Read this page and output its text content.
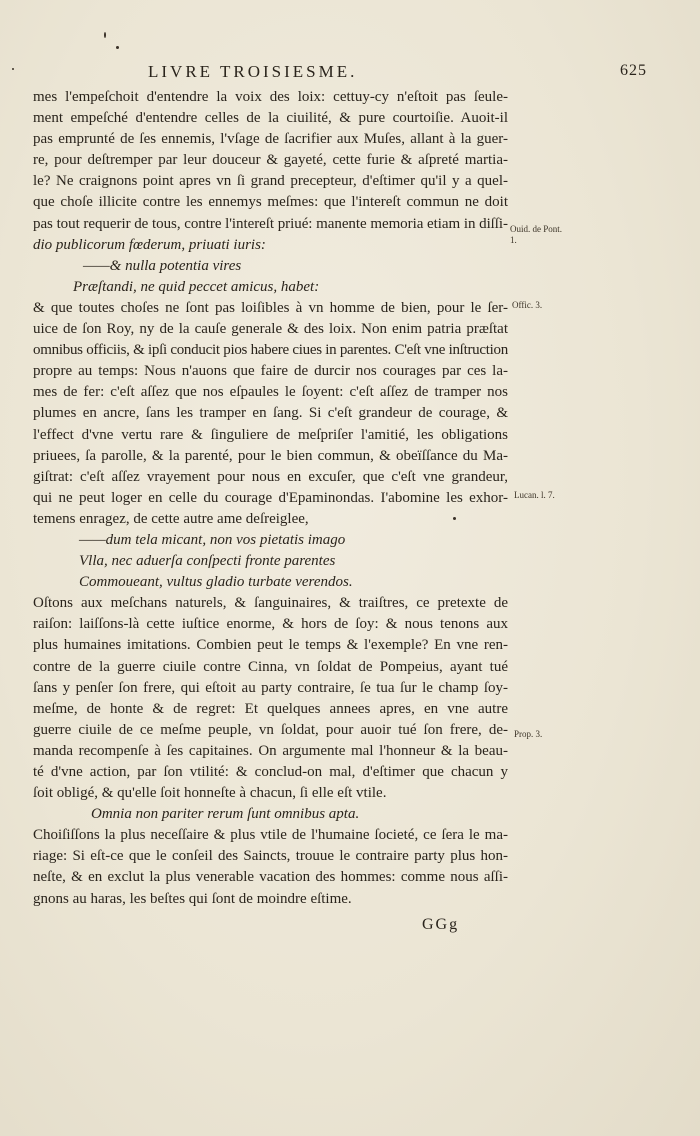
LIVRE TROISIESME.	625
mes l'empeſchoit d'entendre la voix des loix: cettuy-cy n'eſtoit pas ſeule-
ment empeſché d'entendre celles de la ciuilité, & pure courtoiſie. Auoit-il
pas emprunté de ſes ennemis, l'vſage de ſacrifier aux Muſes, allant à la guer-
re, pour deſtremper par leur douceur & gayeté, cette furie & aſpreté martia-
le? Ne craignons point apres vn ſi grand precepteur, d'eſtimer qu'il y a quel-
que choſe illicite contre les ennemys meſmes: que l'intereſt commun ne doit
pas tout requerir de tous, contre l'intereſt priué: manente memoria etiam in diſſi-
dio publicorum fœderum, priuati iuris:
——& nulla potentia vires
Præſtandi, ne quid peccet amicus, habet:
& que toutes choſes ne ſont pas loiſibles à vn homme de bien, pour le ſer-
uice de ſon Roy, ny de la cauſe generale & des loix. Non enim patria præſtat
omnibus officiis, & ipſi conducit pios habere ciues in parentes. C'eſt vne inſtruction
propre au temps: Nous n'auons que faire de durcir nos courages par ces la-
mes de fer: c'eſt aſſez que nos eſpaules le ſoyent: c'eſt aſſez de tramper nos
plumes en ancre, ſans les tramper en ſang. Si c'eſt grandeur de courage, &
l'effect d'vne vertu rare & ſinguliere de meſpriſer l'amitié, les obligations
priuees, ſa parolle, & la parenté, pour le bien commun, & obeïſſance du Ma-
giſtrat: c'eſt aſſez vrayement pour nous en excuſer, que c'eſt vne grandeur,
qui ne peut loger en celle du courage d'Epaminondas. I'abomine les exhor-
temens enragez, de cette autre ame deſreiglee,
——dum tela micant, non vos pietatis imago
Vlla, nec aduerſa conſpecti fronte parentes
Commoueant, vultus gladio turbate verendos.
Oſtons aux meſchans naturels, & ſanguinaires, & traiſtres, ce pretexte de
raiſon: laiſſons-là cette iuſtice enorme, & hors de ſoy: & nous tenons aux
plus humaines imitations. Combien peut le temps & l'exemple? En vne ren-
contre de la guerre ciuile contre Cinna, vn ſoldat de Pompeius, ayant tué
ſans y penſer ſon frere, qui eſtoit au party contraire, ſe tua ſur le champ ſoy-
meſme, de honte & de regret: Et quelques annees apres, en vne autre
guerre ciuile de ce meſme peuple, vn ſoldat, pour auoir tué ſon frere, de-
manda recompenſe à ſes capitaines. On argumente mal l'honneur & la beau-
té d'vne action, par ſon vtilité: & conclud-on mal, d'eſtimer que chacun y
ſoit obligé, & qu'elle ſoit honneſte à chacun, ſi elle eſt vtile.
Omnia non pariter rerum ſunt omnibus apta.
Choiſiſſons la plus neceſſaire & plus vtile de l'humaine ſocieté, ce ſera le ma-
riage: Si eſt-ce que le conſeil des Saincts, trouue le contraire party plus hon-
neſte, & en exclut la plus venerable vacation des hommes: comme nous aſſi-
gnons au haras, les beſtes qui ſont de moindre eſtime.
Ouid. de Pont. 1.
Offic. 3.
Lucan. l. 7.
Prop. 3.
GGg
